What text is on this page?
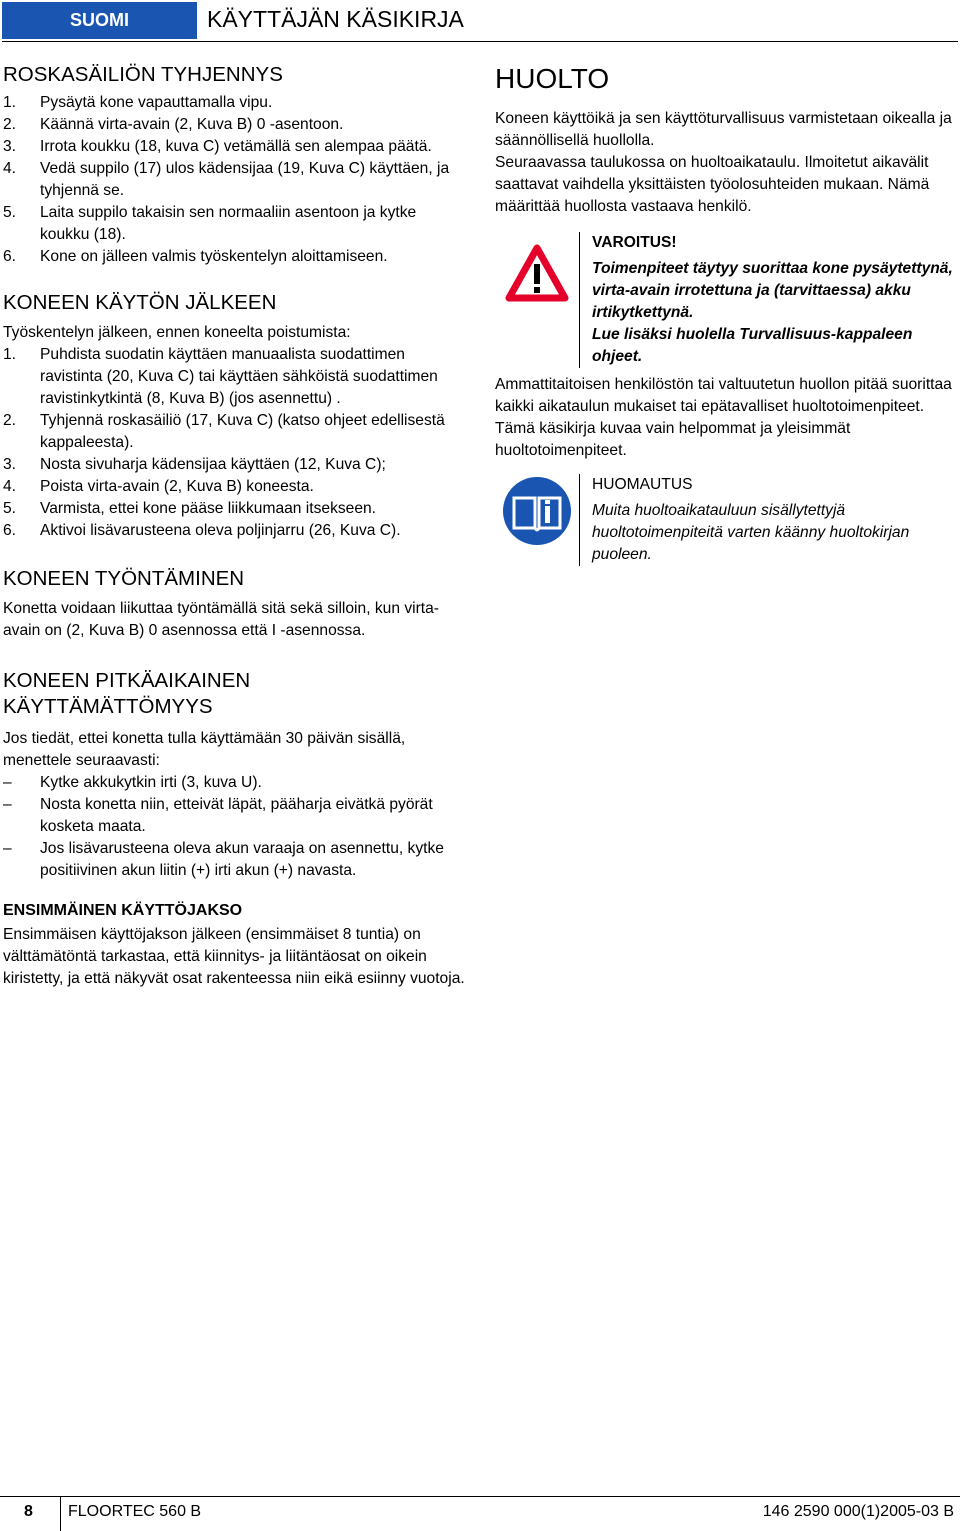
SUOMI	KÄYTTÄJÄN KÄSIKIRJA
ROSKASÄILIÖN TYHJENNYS
1. Pysäytä kone vapauttamalla vipu.
2. Käännä virta-avain (2, Kuva B) 0 -asentoon.
3. Irrota koukku (18, kuva C) vetämällä sen alempaa päätä.
4. Vedä suppilo (17) ulos kädensijaa (19, Kuva C) käyttäen, ja tyhjennä se.
5. Laita suppilo takaisin sen normaaliin asentoon ja kytke koukku (18).
6. Kone on jälleen valmis työskentelyn aloittamiseen.
KONEEN KÄYTÖN JÄLKEEN

Työskentelyn jälkeen, ennen koneelta poistumista:

1. Puhdista suodatin käyttäen manuaalista suodattimen ravistinta (20, Kuva C) tai käyttäen sähköistä suodattimen ravistinkytkintä (8, Kuva B) (jos asennettu) .
2. Tyhjennä roskasäiliö (17, Kuva C) (katso ohjeet edellisestä kappaleesta).
3. Nosta sivuharja kädensijaa käyttäen (12, Kuva C);
4. Poista virta-avain (2, Kuva B) koneesta.
5. Varmista, ettei kone pääse liikkumaan itsekseen.
6. Aktivoi lisävarusteena oleva poljinjarru (26, Kuva C).
KONEEN TYÖNTÄMINEN

Konetta voidaan liikuttaa työntämällä sitä sekä silloin, kun virta-avain on (2, Kuva B) 0 asennossa että I -asennossa.

KONEEN PITKÄAIKAINEN
KÄYTTÄMÄTTÖMYYS

Jos tiedät, ettei konetta tulla käyttämään 30 päivän sisällä, menettele seuraavasti:

– Kytke akkukytkin irti (3, kuva U).
– Nosta konetta niin, etteivät läpät, pääharja eivätkä pyörät kosketa maata.
– Jos lisävarusteena oleva akun varaaja on asennettu, kytke positiivinen akun liitin (+) irti akun (+) navasta.
ENSIMMÄINEN KÄYTTÖJAKSO

Ensimmäisen käyttöjakson jälkeen (ensimmäiset 8 tuntia) on välttämätöntä tarkastaa, että kiinnitys- ja liitäntäosat on oikein kiristetty, ja että näkyvät osat rakenteessa niin eikä esiinny vuotoja.

HUOLTO

Koneen käyttöikä ja sen käyttöturvallisuus varmistetaan oikealla ja säännöllisellä huollolla.

Seuraavassa taulukossa on huoltoaikataulu. Ilmoitetut aikavälit saattavat vaihdella yksittäisten työolosuhteiden mukaan. Nämä määrittää huollosta vastaava henkilö.

VAROITUS!
Toimenpiteet täytyy suorittaa kone pysäytettynä, virta-avain irrotettuna ja (tarvittaessa) akku irtikytkettynä.
Lue lisäksi huolella Turvallisuus-kappaleen ohjeet.

Ammattitaitoisen henkilöstön tai valtuutetun huollon pitää suorittaa kaikki aikataulun mukaiset tai epätavalliset huoltotoimenpiteet.

Tämä käsikirja kuvaa vain helpommat ja yleisimmät huoltotoimenpiteet.

HUOMAUTUS
Muita huoltoaikatauluun sisällytettyjä huoltotoimenpiteitä varten käänny huoltokirjan puoleen.
8 FLOORTEC 560 B	146 2590 000(1)2005-03 B
